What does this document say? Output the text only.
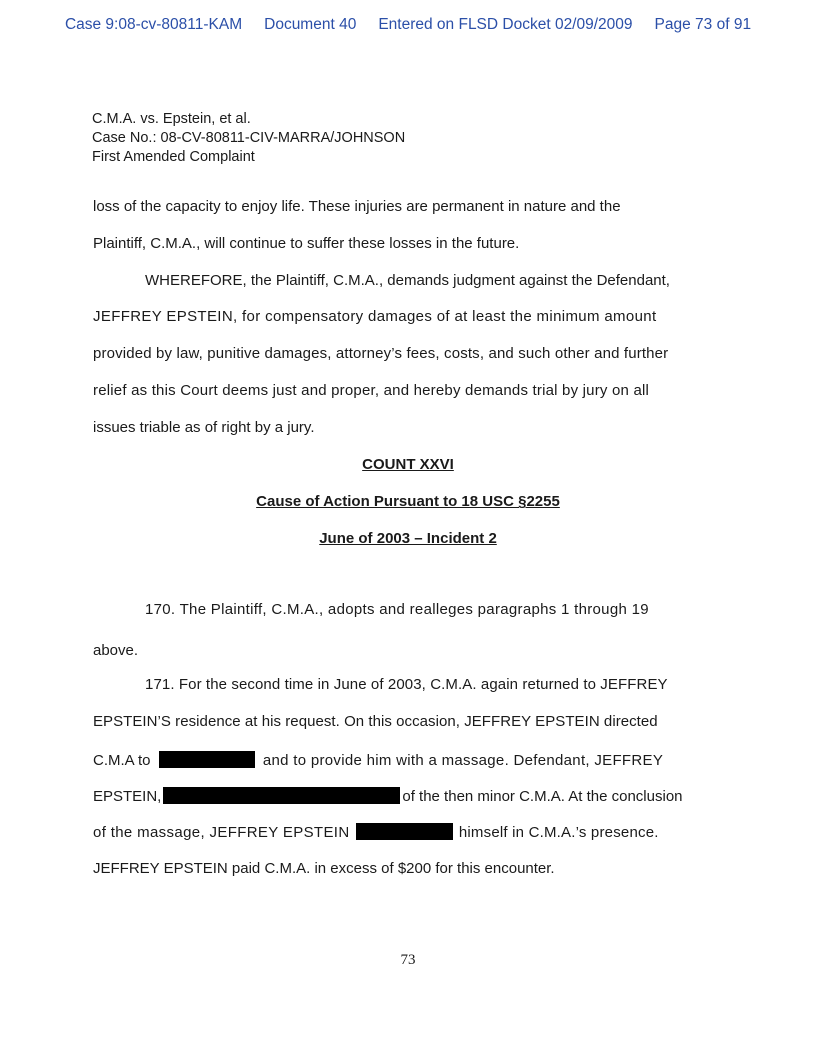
Case 9:08-cv-80811-KAM	Document 40	Entered on FLSD Docket 02/09/2009	Page 73 of 91
C.M.A. vs. Epstein, et al.
Case No.: 08-CV-80811-CIV-MARRA/JOHNSON
First Amended Complaint
loss of the capacity to enjoy life. These injuries are permanent in nature and the
Plaintiff, C.M.A., will continue to suffer these losses in the future.
WHEREFORE, the Plaintiff, C.M.A., demands judgment against the Defendant,
JEFFREY EPSTEIN, for compensatory damages of at least the minimum amount
provided by law, punitive damages, attorney’s fees, costs, and such other and further
relief as this Court deems just and proper, and hereby demands trial by jury on all
issues triable as of right by a jury.
COUNT XXVI
Cause of Action Pursuant to 18 USC §2255
June of 2003 – Incident 2
170. The Plaintiff, C.M.A., adopts and realleges paragraphs 1 through 19
above.
171. For the second time in June of 2003, C.M.A. again returned to JEFFREY
EPSTEIN’S residence at his request. On this occasion, JEFFREY EPSTEIN directed
C.M.A to	and to provide him with a massage. Defendant, JEFFREY
EPSTEIN,	of the then minor C.M.A. At the conclusion
of the massage, JEFFREY EPSTEIN	himself in C.M.A.’s presence.
JEFFREY EPSTEIN paid C.M.A. in excess of $200 for this encounter.
73
